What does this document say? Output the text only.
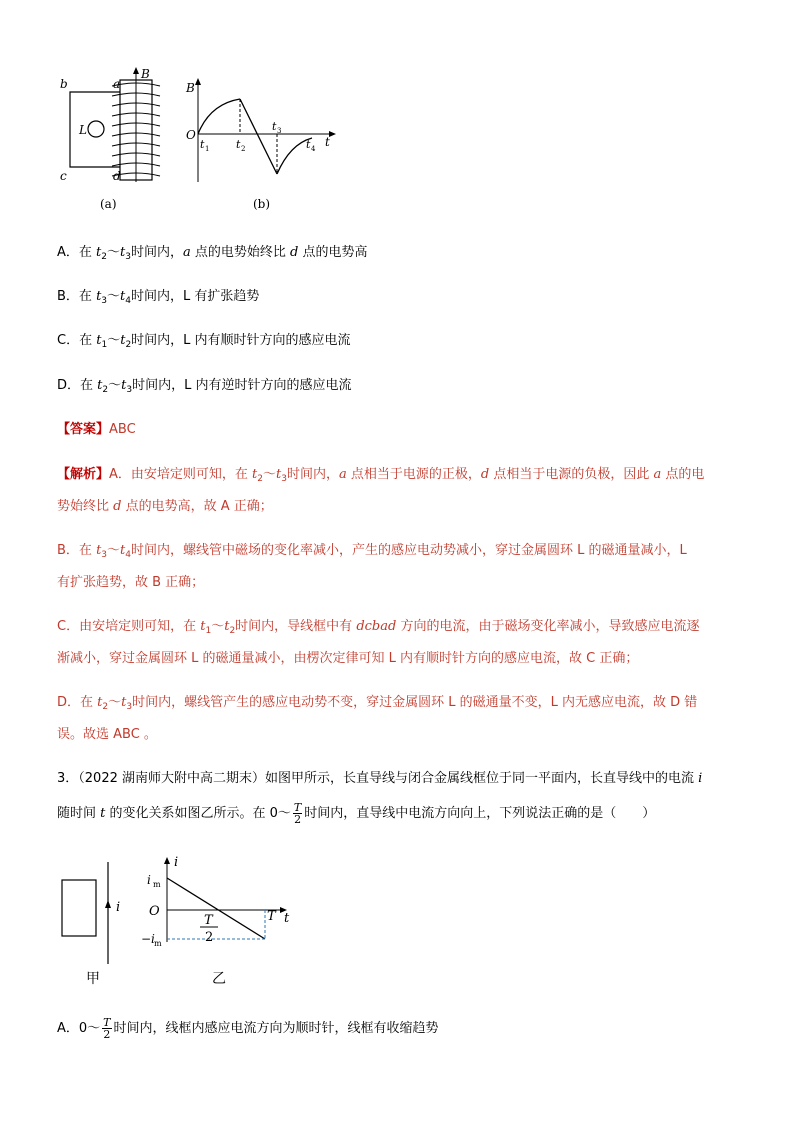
b	a
B
L
c	d
(a)
B
O
t 1 t 2
t 3
t 4 t
(b)
A．在 $t_2\sim t_3$时间内，a 点的电势始终比 d 点的电势高
B．在 $t_3\sim t_4$时间内，L 有扩张趋势
C．在 $t_1\sim t_2$时间内，L 内有顺时针方向的感应电流
D．在 $t_2\sim t_3$时间内，L 内有逆时针方向的感应电流
【答案】ABC
【解析】A．由安培定则可知，在 $t_2\sim t_3$时间内，a 点相当于电源的正极，d 点相当于电源的负极，因此 a 点的电
势始终比 d 点的电势高，故 A 正确；
B．在 $t_3\sim t_4$时间内，螺线管中磁场的变化率减小，产生的感应电动势减小，穿过金属圆环 L 的磁通量减小，L
有扩张趋势，故 B 正确；
C．由安培定则可知，在 $t_1\sim t_2$时间内，导线框中有 dcbad 方向的电流，由于磁场变化率减小，导致感应电流逐
渐减小，穿过金属圆环 L 的磁通量减小，由楞次定律可知 L 内有顺时针方向的感应电流，故 C 正确；
D．在 $t_2\sim t_3$时间内，螺线管产生的感应电动势不变，穿过金属圆环 L 的磁通量不变，L 内无感应电流，故 D 错
误。故选 ABC 。
3．（2022 湖南师大附中高二期末）如图甲所示，长直导线与闭合金属线框位于同一平面内，长直导线中的电流 i
随时间 t 的变化关系如图乙所示。在 0～ $\frac{T}{2}$ 时间内，直导线中电流方向向上，下列说法正确的是（　　）
i
甲
i
i m
O
T
2
T t
−i m
乙
A．0～ $\frac{T}{2}$ 时间内，线框内感应电流方向为顺时针，线框有收缩趋势
